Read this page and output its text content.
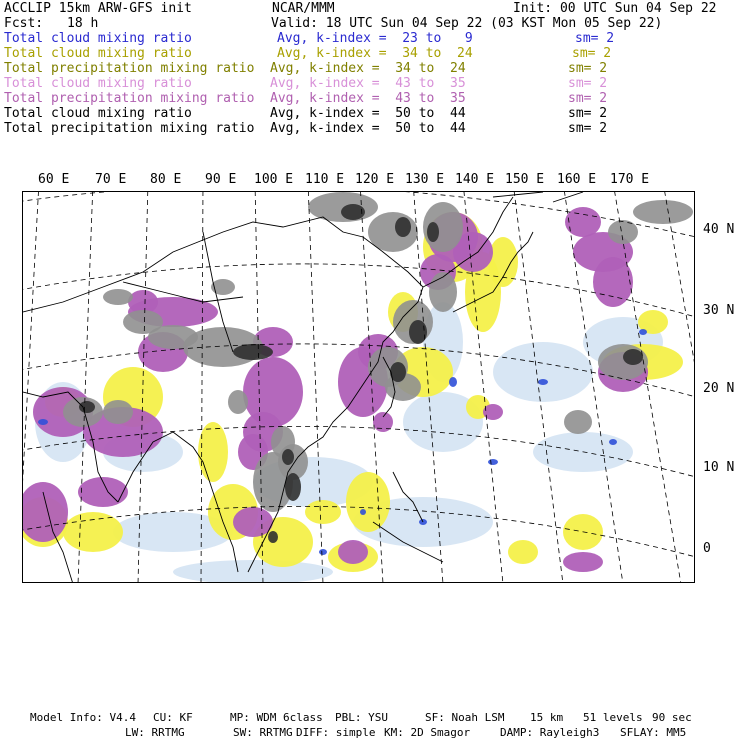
ACCLIP 15km ARW-GFS init	NCAR/MMM	Init: 00 UTC Sun 04 Sep 22
Fcst: 18 h	Valid: 18 UTC Sun 04 Sep 22 (03 KST Mon 05 Sep 22)
Total cloud mixing ratio	Avg, k-index =  23 to   9	sm= 2
Total cloud mixing ratio	Avg, k-index =  34 to  24	sm= 2
Total precipitation mixing ratio Avg, k-index =  34 to  24	sm= 2
Total cloud mixing ratio	Avg, k-index =  43 to  35	sm= 2
Total precipitation mixing ratio Avg, k-index =  43 to  35	sm= 2
Total cloud mixing ratio	Avg, k-index =  50 to  44	sm= 2
Total precipitation mixing ratio Avg, k-index =  50 to  44	sm= 2
60 E 70 E 80 E 90 E 100 E 110 E 120 E 130 E 140 E 150 E 160 E 170 E
40 N
30 N
20 N
10 N
0
Model Info: V4.4 CU: KF	MP: WDM 6class PBL: YSU	SF: Noah LSM 15 km 51 levels 90 sec
LW: RRTMG	SW: RRTMG DIFF: simple KM: 2D Smagor	DAMP: Rayleigh3 SFLAY: MM5
